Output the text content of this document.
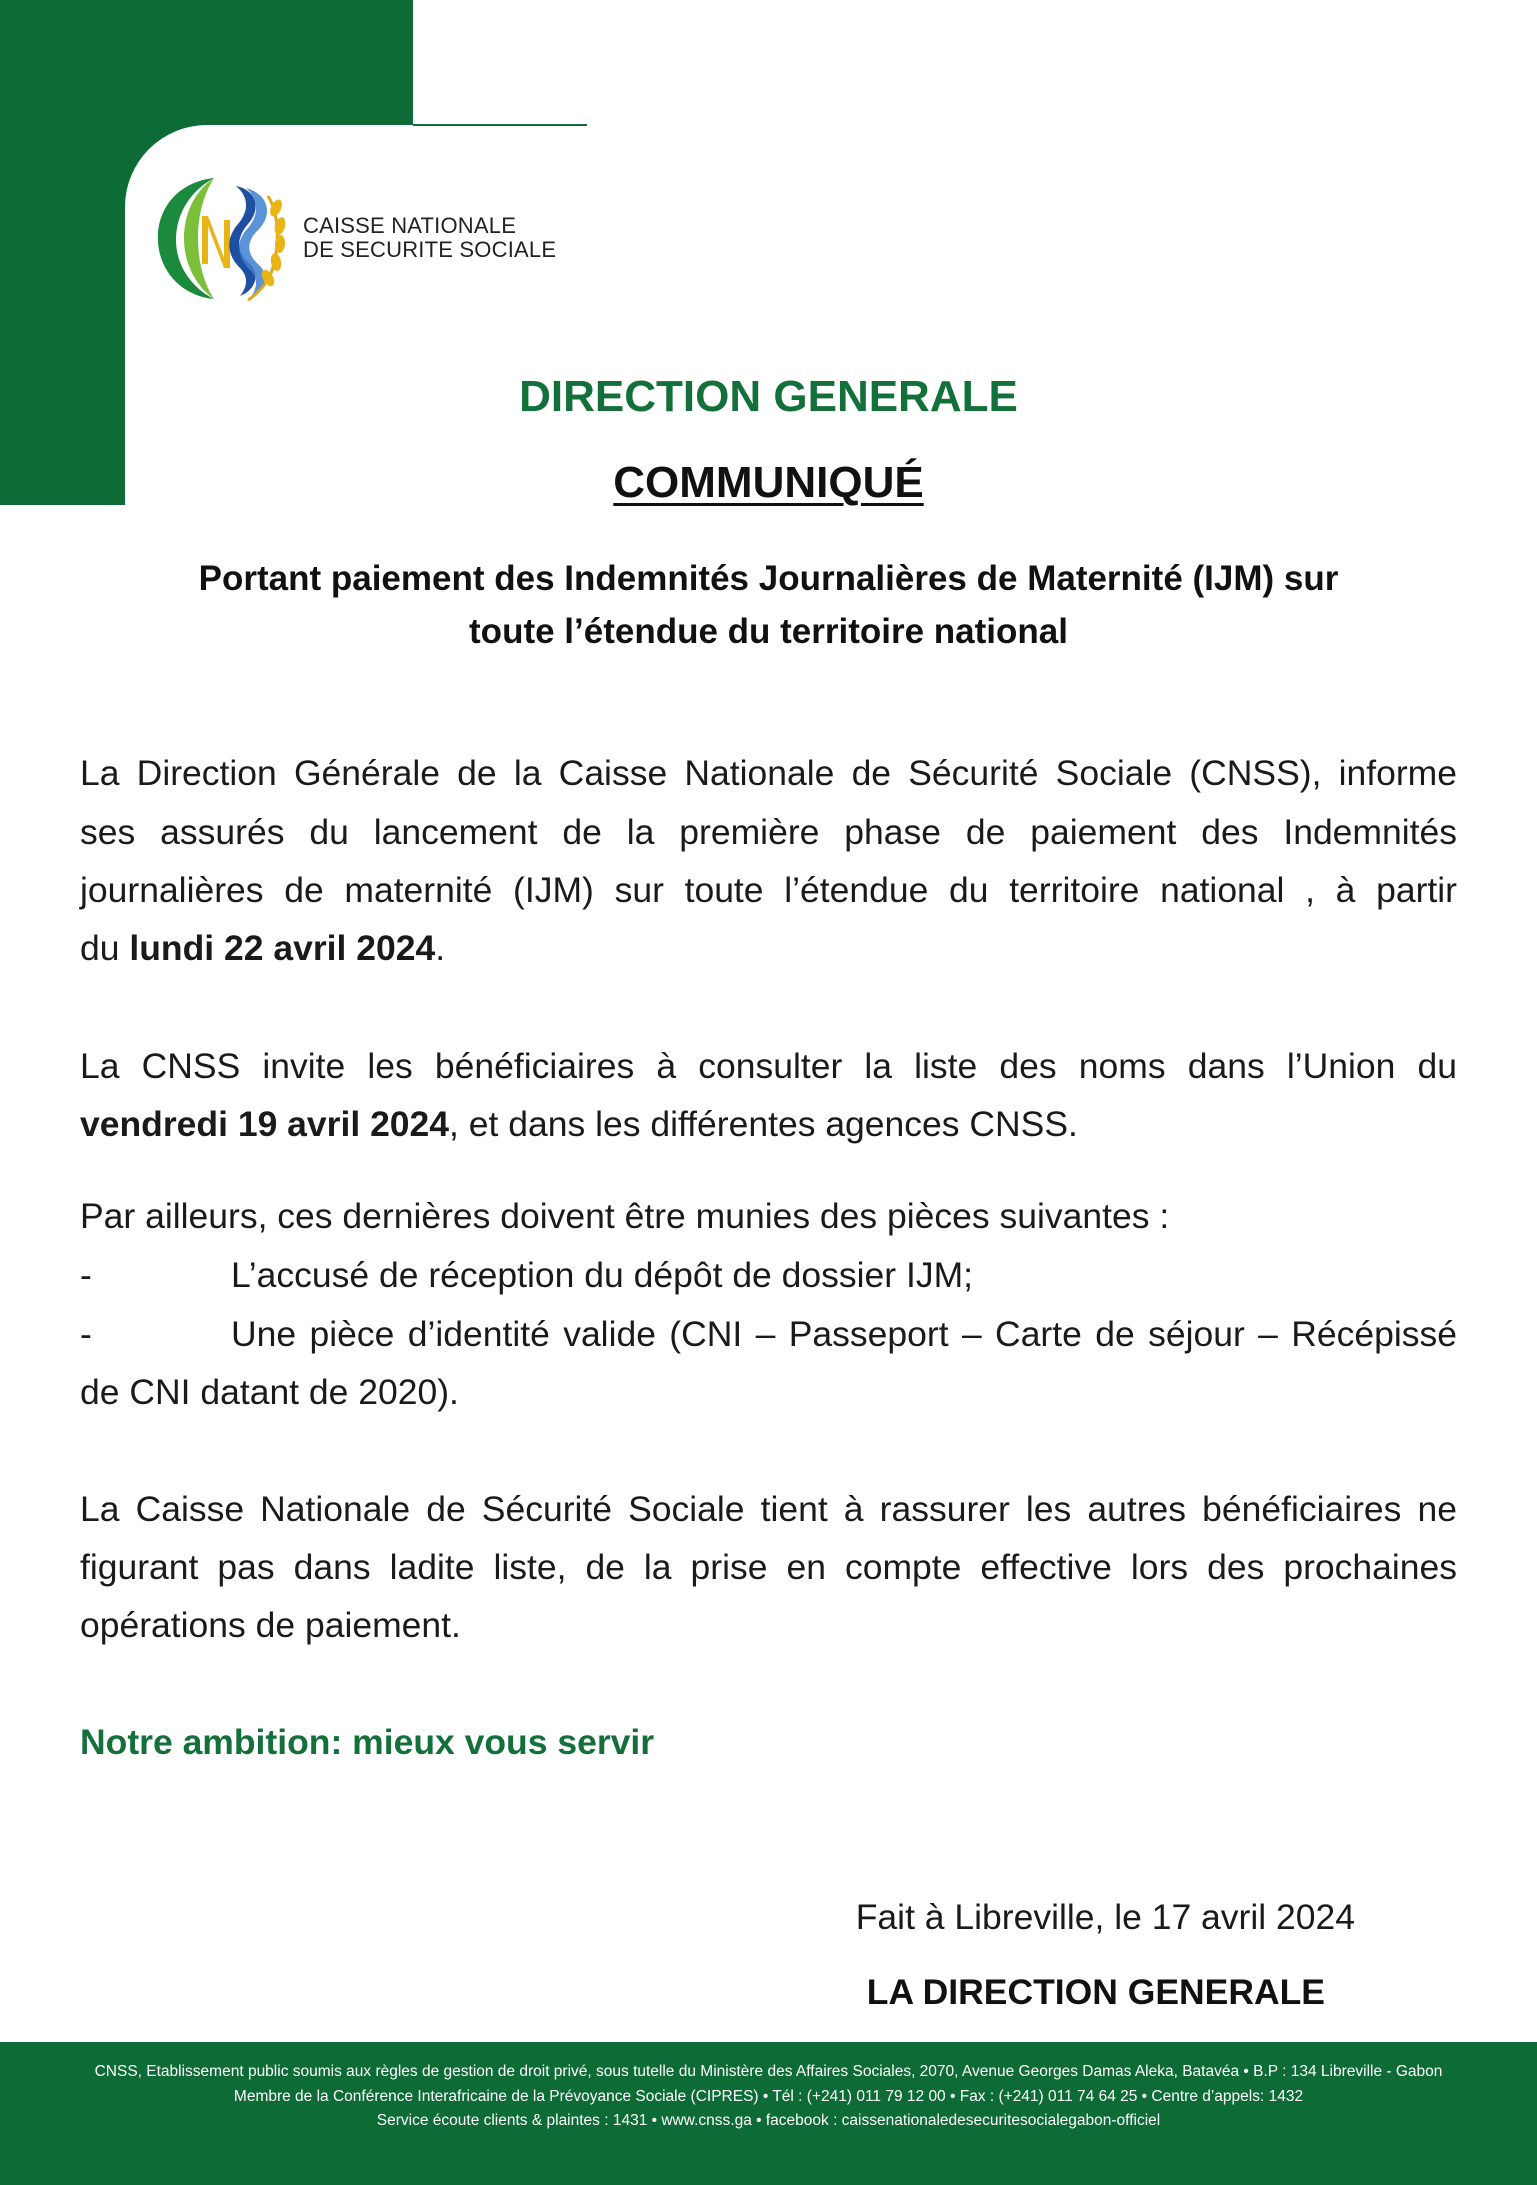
CAISSE NATIONALE
DE SECURITE SOCIALE
DIRECTION GENERALE
COMMUNIQUÉ
Portant paiement des Indemnités Journalières de Maternité (IJM) sur
toute l’étendue du territoire national
La Direction Générale de la Caisse Nationale de Sécurité Sociale (CNSS), informe
ses assurés du lancement de la première phase de paiement des Indemnités
journalières de maternité (IJM) sur toute l’étendue du territoire national , à partir
du lundi 22 avril 2024.
La CNSS invite les bénéficiaires à consulter la liste des noms dans l’Union du
vendredi 19 avril 2024, et dans les différentes agences CNSS.
Par ailleurs, ces dernières doivent être munies des pièces suivantes :
-	L’accusé de réception du dépôt de dossier IJM;
-	Une pièce d’identité valide (CNI – Passeport – Carte de séjour – Récépissé
de CNI datant de 2020).
La Caisse Nationale de Sécurité Sociale tient à rassurer les autres bénéficiaires ne
figurant pas dans ladite liste, de la prise en compte effective lors des prochaines
opérations de paiement.
Notre ambition: mieux vous servir
Fait à Libreville, le 17 avril 2024
LA DIRECTION GENERALE
CNSS, Etablissement public soumis aux règles de gestion de droit privé, sous tutelle du Ministère des Affaires Sociales, 2070, Avenue Georges Damas Aleka, Batavéa • B.P : 134 Libreville - Gabon
Membre de la Conférence Interafricaine de la Prévoyance Sociale (CIPRES) • Tél : (+241) 011 79 12 00 • Fax : (+241) 011 74 64 25 • Centre d’appels: 1432
Service écoute clients & plaintes : 1431 • www.cnss.ga • facebook : caissenationaledesecuritesocialegabon-officiel
